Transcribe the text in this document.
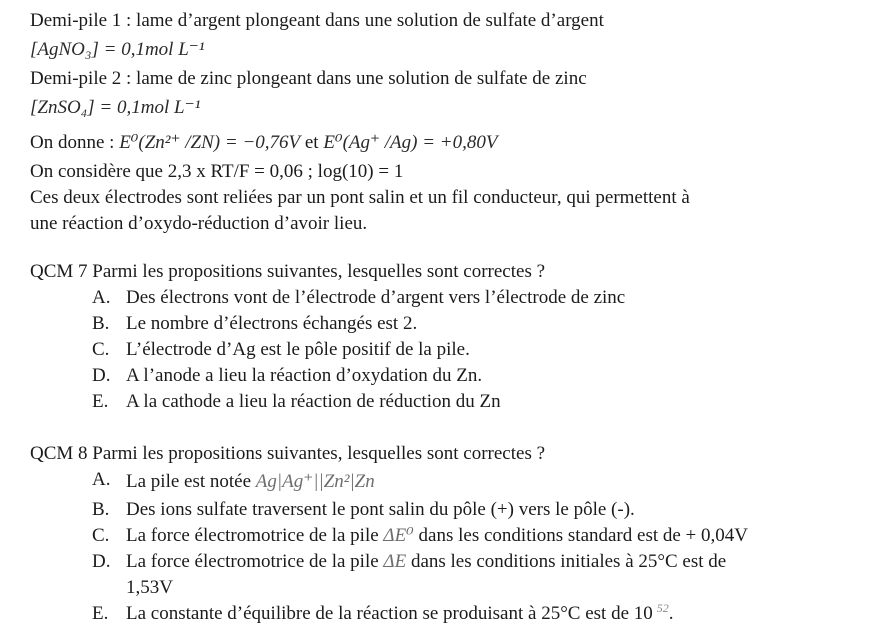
Demi-pile 1 : lame d’argent plongeant dans une solution de sulfate d’argent
[AgNO₃] = 0,1mol L⁻¹
Demi-pile 2 : lame de zinc plongeant dans une solution de sulfate de zinc
[ZnSO₄] = 0,1mol L⁻¹
On donne : E⁰(Zn²⁺ /ZN) = −0,76V et E⁰(Ag⁺ /Ag) = +0,80V
On considère que 2,3 x RT/F = 0,06 ; log(10) = 1
Ces deux électrodes sont reliées par un pont salin et un fil conducteur, qui permettent à
une réaction d’oxydo-réduction d’avoir lieu.
QCM 7 Parmi les propositions suivantes, lesquelles sont correctes ?
A. Des électrons vont de l’électrode d’argent vers l’électrode de zinc
B. Le nombre d’électrons échangés est 2.
C. L’électrode d’Ag est le pôle positif de la pile.
D. A l’anode a lieu la réaction d’oxydation du Zn.
E. A la cathode a lieu la réaction de réduction du Zn
QCM 8 Parmi les propositions suivantes, lesquelles sont correctes ?
A. La pile est notée Ag|Ag⁺||Zn²|Zn
B. Des ions sulfate traversent le pont salin du pôle (+) vers le pôle (-).
C. La force électromotrice de la pile ΔE⁰ dans les conditions standard est de + 0,04V
D. La force électromotrice de la pile ΔE dans les conditions initiales à 25°C est de
1,53V
E. La constante d’équilibre de la réaction se produisant à 25°C est de 10 $^{52}$.
